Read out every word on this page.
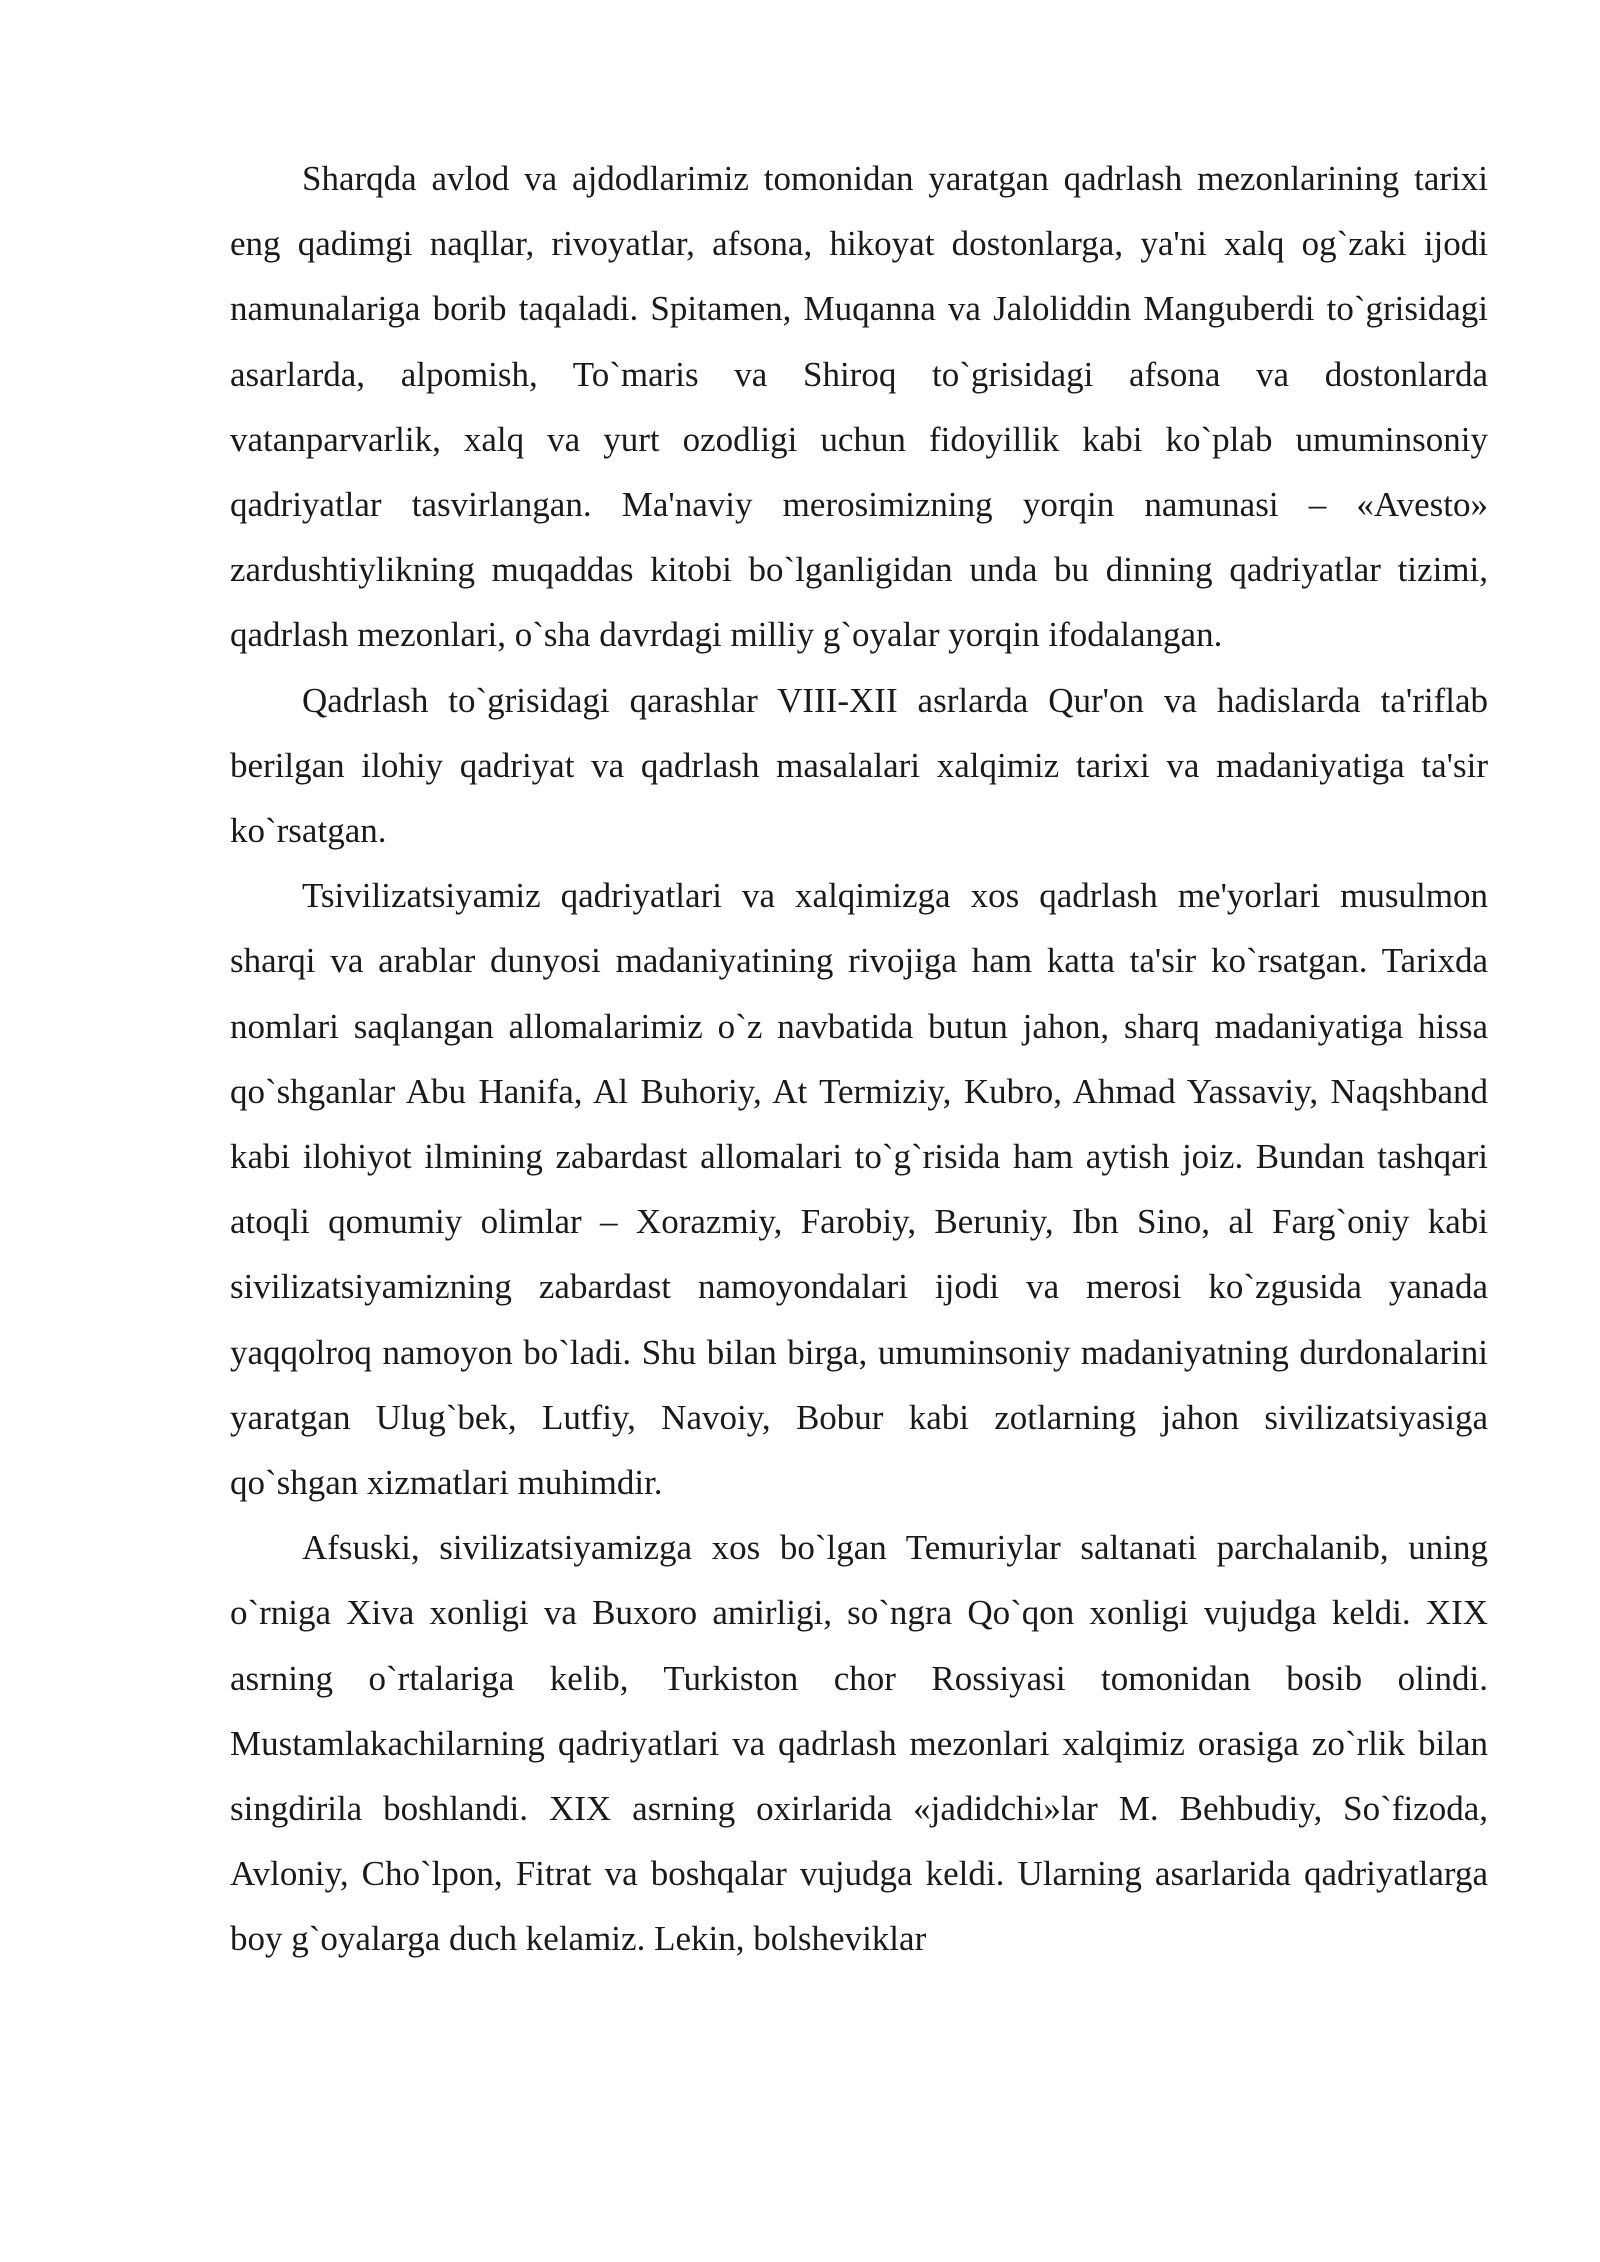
Sharqda avlod va ajdodlarimiz tomonidan yaratgan qadrlash mezonlarining tarixi eng qadimgi naqllar, rivoyatlar, afsona, hikoyat dostonlarga, ya'ni xalq og`zaki ijodi namunalariga borib taqaladi. Spitamen, Muqanna va Jaloliddin Manguberdi to`grisidagi asarlarda, alpomish, To`maris va Shiroq to`grisidagi afsona va dostonlarda vatanparvarlik, xalq va yurt ozodligi uchun fidoyillik kabi ko`plab umuminsoniy qadriyatlar tasvirlangan. Ma'naviy merosimizning yorqin namunasi – «Avesto» zardushtiylikning muqaddas kitobi bo`lganligidan unda bu dinning qadriyatlar tizimi, qadrlash mezonlari, o`sha davrdagi milliy g`oyalar yorqin ifodalangan.

Qadrlash to`grisidagi qarashlar VIII-XII asrlarda Qur'on va hadislarda ta'riflab berilgan ilohiy qadriyat va qadrlash masalalari xalqimiz tarixi va madaniyatiga ta'sir ko`rsatgan.

Tsivilizatsiyamiz qadriyatlari va xalqimizga xos qadrlash me'yorlari musulmon sharqi va arablar dunyosi madaniyatining rivojiga ham katta ta'sir ko`rsatgan. Tarixda nomlari saqlangan allomalarimiz o`z navbatida butun jahon, sharq madaniyatiga hissa qo`shganlar Abu Hanifa, Al Buhoriy, At Termiziy, Kubro, Ahmad Yassaviy, Naqshband kabi ilohiyot ilmining zabardast allomalari to`g`risida ham aytish joiz. Bundan tashqari atoqli qomumiy olimlar – Xorazmiy, Farobiy, Beruniy, Ibn Sino, al Farg`oniy kabi sivilizatsiyamizning zabardast namoyondalari ijodi va merosi ko`zgusida yanada yaqqolroq namoyon bo`ladi. Shu bilan birga, umuminsoniy madaniyatning durdonalarini yaratgan Ulug`bek, Lutfiy, Navoiy, Bobur kabi zotlarning jahon sivilizatsiyasiga qo`shgan xizmatlari muhimdir.

Afsuski, sivilizatsiyamizga xos bo`lgan Temuriylar saltanati parchalanib, uning o`rniga Xiva xonligi va Buxoro amirligi, so`ngra Qo`qon xonligi vujudga keldi. XIX asrning o`rtalariga kelib, Turkiston chor Rossiyasi tomonidan bosib olindi. Mustamlakachilarning qadriyatlari va qadrlash mezonlari xalqimiz orasiga zo`rlik bilan singdirila boshlandi. XIX asrning oxirlarida «jadidchi»lar M. Behbudiy, So`fizoda, Avloniy, Cho`lpon, Fitrat va boshqalar vujudga keldi. Ularning asarlarida qadriyatlarga boy g`oyalarga duch kelamiz. Lekin, bolsheviklar
